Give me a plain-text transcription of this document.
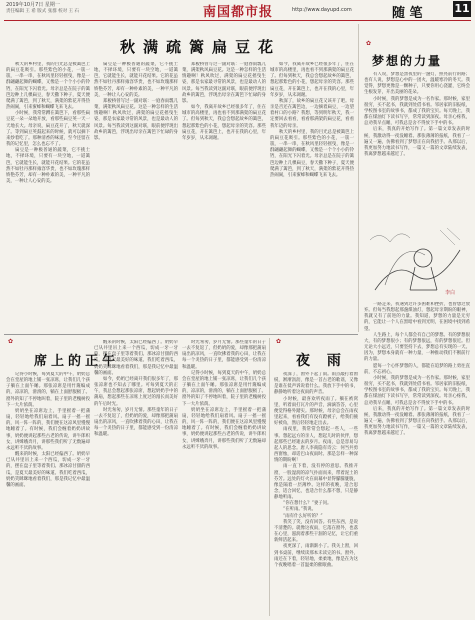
2019年10月7日 星期一
责任编辑 王 希 版式 张群 校对 王 石	南国都市报	http://www.dayupd.com	随 笔	11
秋满疏篱扁豆花

秋天的乡村里，我的目光总是被篱笆上的扁豆花吸引。那些紫色的小花，一簇一簇，一串一串，在秋风里轻轻摇曳，像是一群翩翩起舞的蝴蝶，又像是一个个小小的铃铛，在阳光下闪着光。母亲总是在院子的篱笆边种上几棵扁豆，春天撒下种子，夏天便爬满了篱笆，到了秋天，满架的紫花开得热热闹闹，引来蜜蜂和蝴蝶飞来飞去。

小时候，我常常蹲在篱笆下，看那些扁豆花一朵一朵地开放，看那些扁豆荚一天一天地长大。母亲说，扁豆花开了，秋天就深了。等到扁豆荚鼓起来的时候，就可以摘下来炒着吃了。那种清香的味道，至今还留在我的记忆里，怎么也忘不了。

扁豆是一种极普通的蔬菜，它不挑土地，不择环境，只要有一块空地，一道篱笆，它就能生长，就能开花结果。它的花虽然不如牡丹那样雍容华贵，也不如玫瑰那样娇艳芬芳，却有一种朴素的美，一种平凡的美，一种让人心安的美。

扁豆是一种极普通的蔬菜，它不挑土地，不择环境，只要有一块空地，一道篱笆，它就能生长，就能开花结果。它的花虽然不如牡丹那样雍容华贵，也不如玫瑰那样娇艳芬芳，却有一种朴素的美，一种平凡的美，一种让人心安的美。

郑板桥曾写过一副对联：一庭春雨瓢儿菜，满架秋风扁豆花。这是一种怎样的生活情趣啊！秋风吹过，满架的扁豆花摇曳生姿，那是农家最寻常的风景，也是最动人的风景。每当我读到这副对联，眼前便浮现出故乡的篱笆，浮现出母亲在篱笆下忙碌的身影。

郑板桥曾写过一副对联：一庭春雨瓢儿菜，满架秋风扁豆花。这是一种怎样的生活情趣啊！秋风吹过，满架的扁豆花摇曳生姿，那是农家最寻常的风景，也是最动人的风景。每当我读到这副对联，眼前便浮现出故乡的篱笆，浮现出母亲在篱笆下忙碌的身影。

如今，我离开故乡已经很多年了，住在城市的高楼里，再也看不到那满架的扁豆花了。但每到秋天，我总会想起故乡的篱笆，想起那紫色的小花，想起母亲的笑容。那些扁豆花，开在篱笆上，也开在我的心里，年年岁岁，从未凋谢。

如今，我离开故乡已经很多年了，住在城市的高楼里，再也看不到那满架的扁豆花了。但每到秋天，我总会想起故乡的篱笆，想起那紫色的小花，想起母亲的笑容。那些扁豆花，开在篱笆上，也开在我的心里，年年岁岁，从未凋谢。

秋深了，故乡的扁豆花又该开了吧。母亲是否还在篱笆边，一边摘着扁豆，一边望着村口的小路？我想，等到明年秋天，我一定要回去看看，看看那满架的扁豆花，看看我年迈的母亲。

秋天的乡村里，我的目光总是被篱笆上的扁豆花吸引。那些紫色的小花，一簇一簇，一串一串，在秋风里轻轻摇曳，像是一群翩翩起舞的蝴蝶，又像是一个个小小的铃铛，在阳光下闪着光。母亲总是在院子的篱笆边种上几棵扁豆，春天撒下种子，夏天便爬满了篱笆，到了秋天，满架的紫花开得热热闹闹，引来蜜蜂和蝴蝶飞来飞去。

✿
梦想的力量

有人说，梦想是黑夜里的一盏灯，照亮前行的路；也有人说，梦想是心中的一团火，温暖寒冷的冬天。我觉得，梦想更像是一颗种子，只要你用心浇灌，它终会生根发芽，开出美丽的花朵。

小时候，我的梦想是成为一名作家。那时候，家里很穷，买不起书，我就到处借书看。邻居家的旧报纸，学校图书室的故事书，都成了我的宝贝。每天晚上，我都在煤油灯下读书写字，常常读到深夜。母亲心疼我，总劝我早点睡，可我总是舍不得放下手中的书。

后来，我真的开始写作了。第一篇文章发表的时候，我激动得一夜没睡着。那张薄薄的报纸，我看了一遍又一遍，仿佛看到了梦想正在向我招手。从那以后，我更加努力地读书写作，一篇又一篇的文章陆续发表，我离梦想越来越近了。

李白

一路走来，我遇到过许多困难和挫折，也曾想过放弃。但每当我想起那盏煤油灯，想起母亲期盼的眼神，我就又有了前进的力量。我知道，梦想的力量是无穷的，它能让一个人在黑暗中看到光明，在困境中找到希望。

人生路上，每个人都会有自己的梦想。有的梦想很大，有的梦想很小；有的梦想很远，有的梦想很近。但无论大小远近，只要坚持下去，梦想总有实现的一天。因为，梦想本身就有一种力量，一种推动我们不断前行的力量。

愿每一个心怀梦想的人，都能在追梦的路上勇往直前，不忘初心。

小时候，我的梦想是成为一名作家。那时候，家里很穷，买不起书，我就到处借书看。邻居家的旧报纸，学校图书室的故事书，都成了我的宝贝。每天晚上，我都在煤油灯下读书写字，常常读到深夜。母亲心疼我，总劝我早点睡，可我总是舍不得放下手中的书。

后来，我真的开始写作了。第一篇文章发表的时候，我激动得一夜没睡着。那张薄薄的报纸，我看了一遍又一遍，仿佛看到了梦想正在向我招手。从那以后，我更加努力地读书写作，一篇又一篇的文章陆续发表，我离梦想越来越近了。

✿
席上的正午

记得小时候，每到夏天的中午，奶奶总会在堂屋的地上铺一张凉席，让我们几个孩子躺在上面午睡。那张凉席是用竹篾编成的，凉凉的，滑滑的，躺在上面舒服极了。窗外的知了不停地叫着，院子里的老槐树投下一大片浓荫。

奶奶坐在凉席边上，手里摇着一把蒲扇，轻轻地给我们扇着风。扇子一摇一摇的，风一阵一阵的，我们便在这凉风里慢慢地睡着了。有时候，我们会缠着奶奶讲故事，奶奶便讲起那些古老的传说，讲牛郎织女，讲嫦娥奔月，讲那些我们听了无数遍却永远听不厌的故事。

醒来的时候，太阳已经偏西了。奶奶早已从井里吊上来一个西瓜，切成一牙一牙的，摆在盘子里等着我们。那冰凉甘甜的西瓜，是夏天最美好的味道。我们吃着西瓜，奶奶笑眯眯地看着我们，那是我记忆中最温馨的画面。

醒来的时候，太阳已经偏西了。奶奶早已从井里吊上来一个西瓜，切成一牙一牙的，摆在盘子里等着我们。那冰凉甘甜的西瓜，是夏天最美好的味道。我们吃着西瓜，奶奶笑眯眯地看着我们，那是我记忆中最温馨的画面。

如今，奶奶已经离开我们很多年了，那张凉席也不知去了哪里。可每到夏天的正午，我总会想起那张凉席，想起奶奶手中的蒲扇，想起那些在凉席上度过的漫长而美好的午后时光。

时光匆匆，岁月无情。那些童年的日子一去不复返了，但奶奶的爱，却像那把蒲扇扇出的凉风，一直吹拂着我的心田，让我在每一个炎热的日子里，都能感受到一份清凉和温暖。

时光匆匆，岁月无情。那些童年的日子一去不复返了，但奶奶的爱，却像那把蒲扇扇出的凉风，一直吹拂着我的心田，让我在每一个炎热的日子里，都能感受到一份清凉和温暖。

记得小时候，每到夏天的中午，奶奶总会在堂屋的地上铺一张凉席，让我们几个孩子躺在上面午睡。那张凉席是用竹篾编成的，凉凉的，滑滑的，躺在上面舒服极了。窗外的知了不停地叫着，院子里的老槐树投下一大片浓荫。

奶奶坐在凉席边上，手里摇着一把蒲扇，轻轻地给我们扇着风。扇子一摇一摇的，风一阵一阵的，我们便在这凉风里慢慢地睡着了。有时候，我们会缠着奶奶讲故事，奶奶便讲起那些古老的传说，讲牛郎织女，讲嫦娥奔月，讲那些我们听了无数遍却永远听不厌的故事。

✿
夜 雨

夜深了，窗外下起了雨。雨点敲打着窗棂，淅淅沥沥，像是一首古老的歌谣，又像是谁在低声诉说着什么。我放下手中的书，静静地听着这夜雨的声音。

小时候，最喜欢听夜雨了。躺在被窝里，听着雨打瓦片的声音，滴滴答答，心里便觉得格外踏实。那时候，母亲总会在雨夜里起来，看看我们有没有蹬被子，给我们掖好被角，然后轻轻地走出去。

雨夜里，我常常会想起一些人，一些事。想起远方的亲人，想起儿时的伙伴，想起那些已经逝去的岁月。夜雨，总是容易勾起人的思念。唐人李商隐有诗云：何当共剪西窗烛，却话巴山夜雨时。那是怎样一种深情的期盼啊！

雨一直下着，没有停的意思。我推开窗，一股湿润的凉气扑面而来，带着泥土的芬芳。远处的灯火在雨幕中显得朦朦胧胧，像是隔着一层薄纱。这样的夜晚，适合思念，适合回忆，也适合什么都不想，只是静静地听雨。

“你在想什么？”妻子问。

“在听雨。”我说。

“雨有什么好听的？”

我笑了笑，没有回答。有些东西，是说不清楚的。就像这夜雨，它落在窗外，也落在心里，滋润着那些干涸的记忆，让它们重新鲜活起来。

夜更深了，雨渐渐小了。我关上窗，回到书桌前，继续读那本未读完的书。窗外，雨还在下着，轻轻地，柔柔地，像是在为这个夜晚唱着一首温柔的催眠曲。
